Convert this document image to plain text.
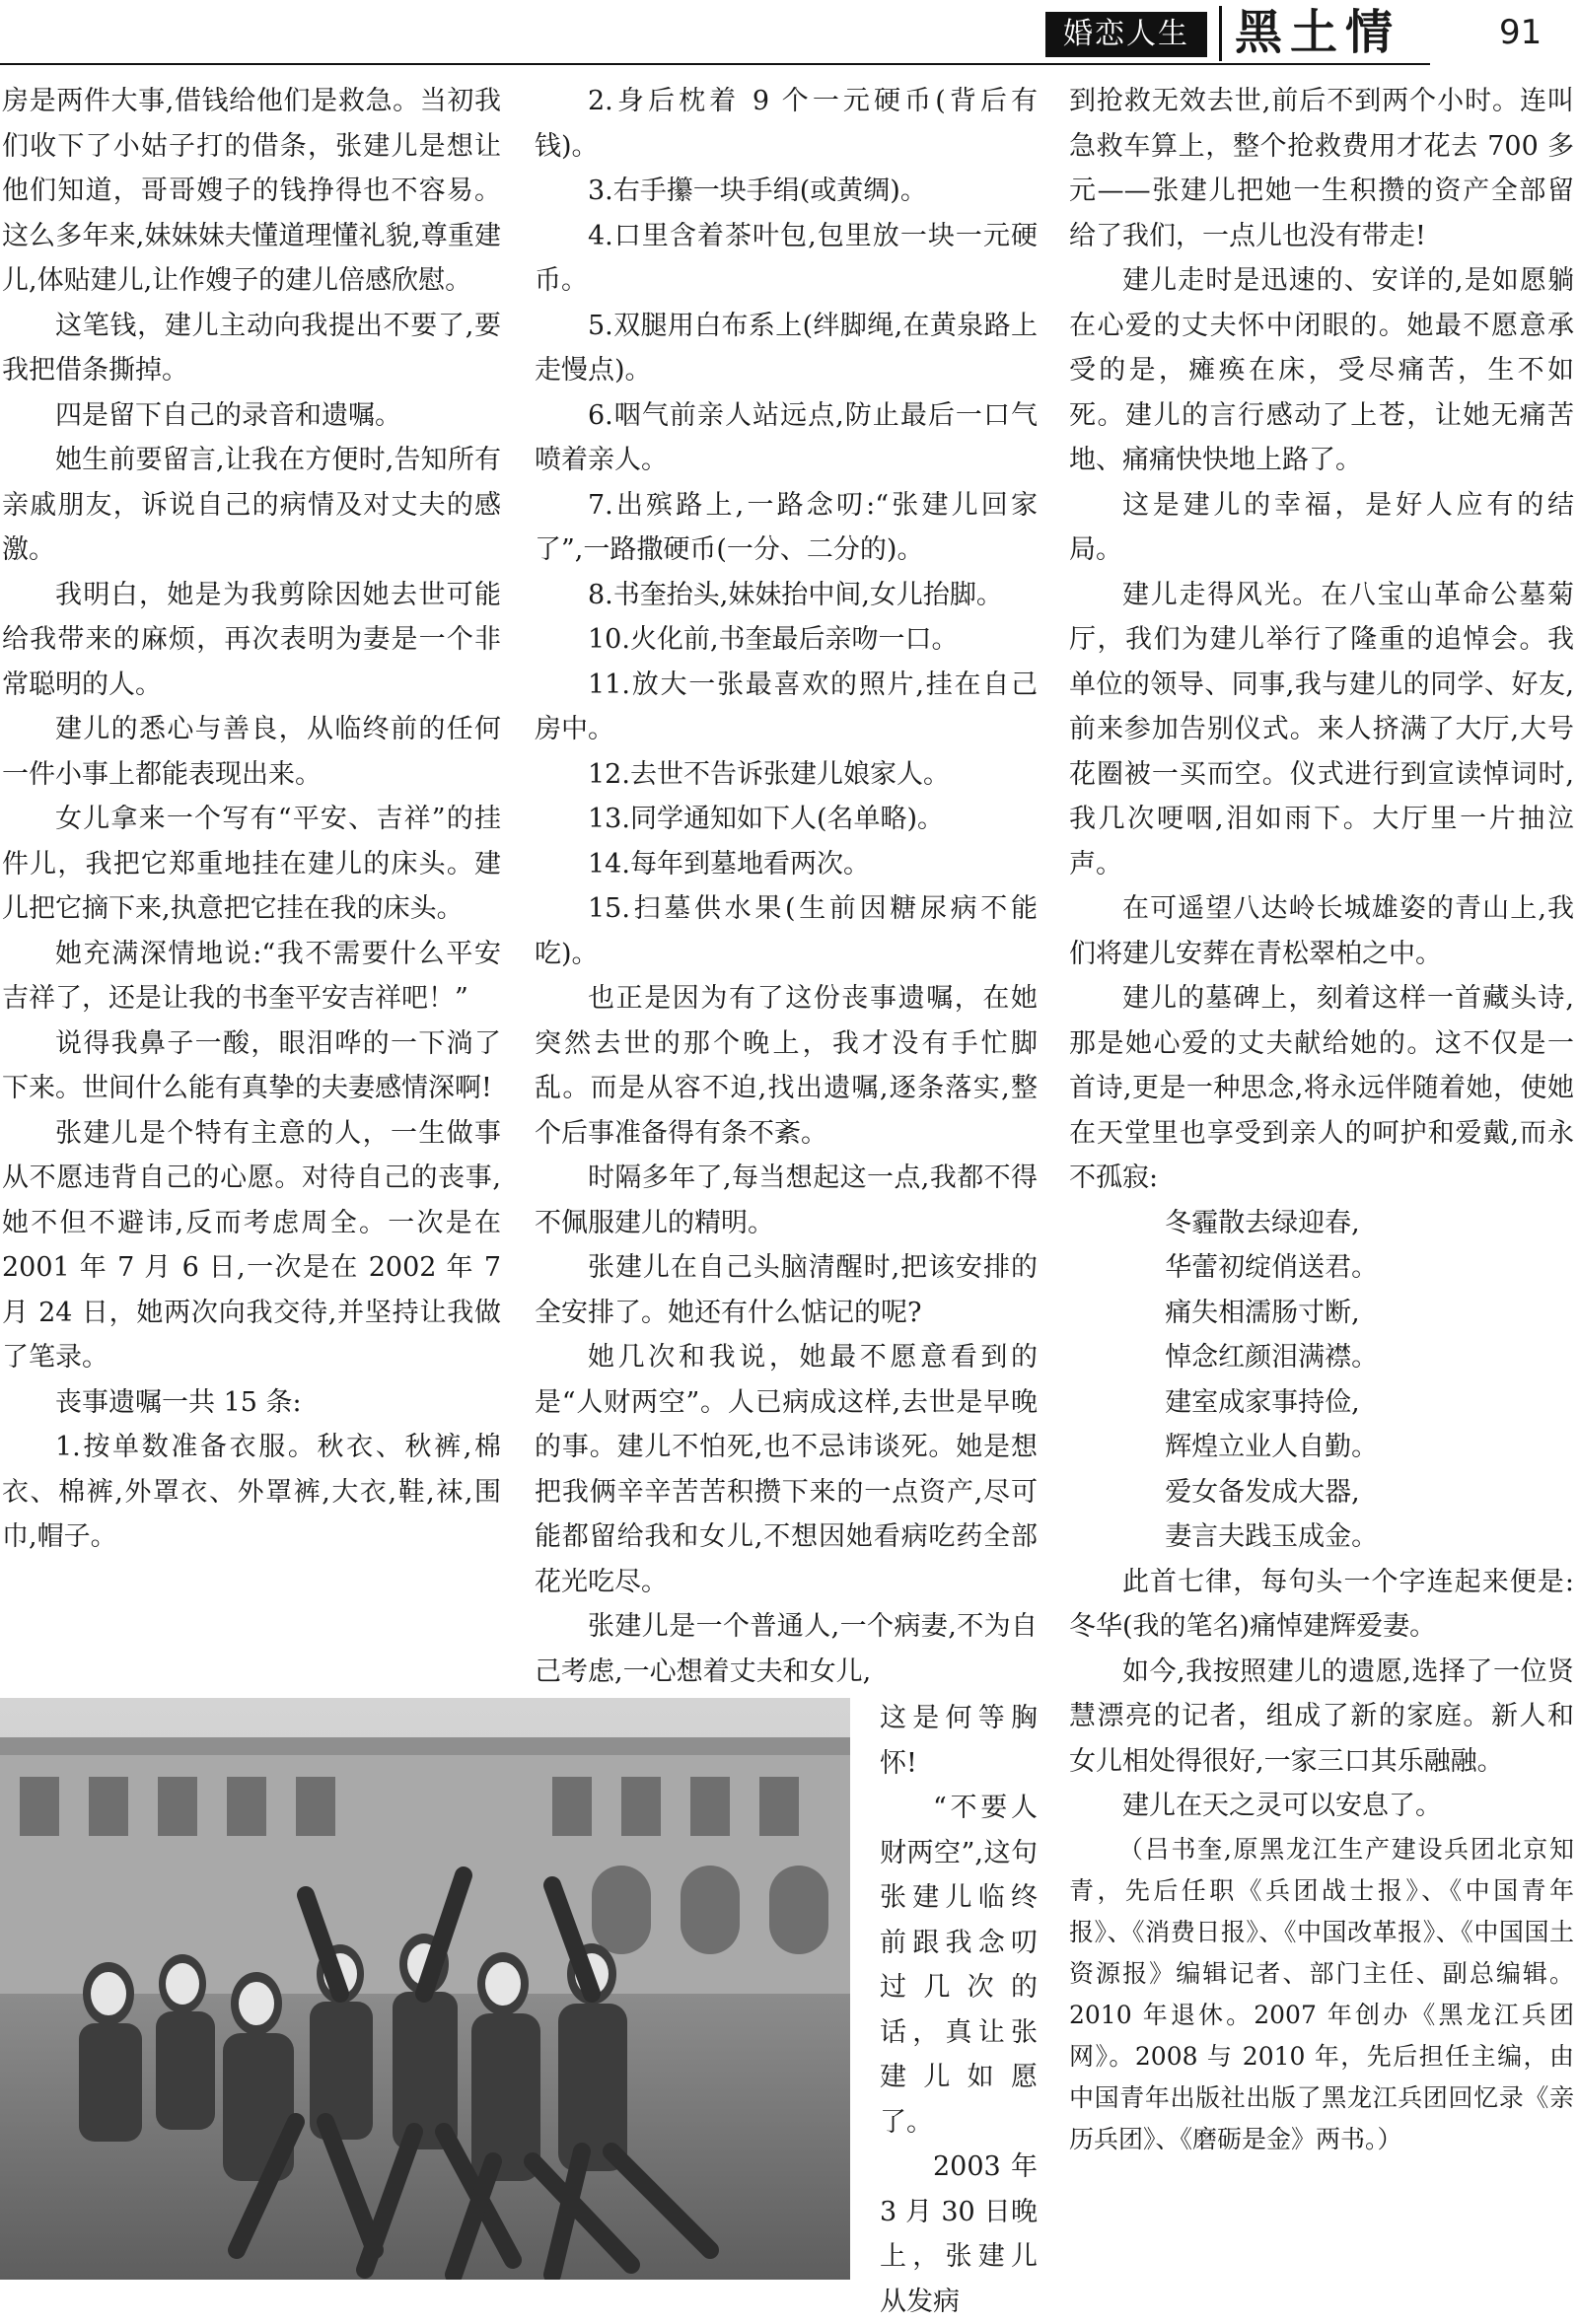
婚恋人生 黑土情	91

房是两件大事,借钱给他们是救急。当初我们收下了小姑子打的借条，张建儿是想让他们知道，哥哥嫂子的钱挣得也不容易。这么多年来,妹妹妹夫懂道理懂礼貌,尊重建儿,体贴建儿,让作嫂子的建儿倍感欣慰。

这笔钱，建儿主动向我提出不要了,要我把借条撕掉。

四是留下自己的录音和遗嘱。

她生前要留言,让我在方便时,告知所有亲戚朋友，诉说自己的病情及对丈夫的感激。

我明白，她是为我剪除因她去世可能给我带来的麻烦，再次表明为妻是一个非常聪明的人。

建儿的悉心与善良，从临终前的任何一件小事上都能表现出来。

女儿拿来一个写有“平安、吉祥”的挂件儿，我把它郑重地挂在建儿的床头。建儿把它摘下来,执意把它挂在我的床头。

她充满深情地说:“我不需要什么平安吉祥了，还是让我的书奎平安吉祥吧！”

说得我鼻子一酸，眼泪哗的一下淌了下来。世间什么能有真挚的夫妻感情深啊!

张建儿是个特有主意的人，一生做事从不愿违背自己的心愿。对待自己的丧事,她不但不避讳,反而考虑周全。一次是在 2001 年 7 月 6 日,一次是在 2002 年 7 月 24 日，她两次向我交待,并坚持让我做了笔录。

丧事遗嘱一共 15 条:

1.按单数准备衣服。秋衣、秋裤,棉衣、棉裤,外罩衣、外罩裤,大衣,鞋,袜,围巾,帽子。

2.身后枕着 9 个一元硬币(背后有钱)。

3.右手攥一块手绢(或黄绸)。

4.口里含着茶叶包,包里放一块一元硬币。

5.双腿用白布系上(绊脚绳,在黄泉路上走慢点)。

6.咽气前亲人站远点,防止最后一口气喷着亲人。

7.出殡路上,一路念叨:“张建儿回家了”,一路撒硬币(一分、二分的)。

8.书奎抬头,妹妹抬中间,女儿抬脚。

10.火化前,书奎最后亲吻一口。

11.放大一张最喜欢的照片,挂在自己房中。

12.去世不告诉张建儿娘家人。

13.同学通知如下人(名单略)。

14.每年到墓地看两次。

15.扫墓供水果(生前因糖尿病不能吃)。

也正是因为有了这份丧事遗嘱，在她突然去世的那个晚上，我才没有手忙脚乱。而是从容不迫,找出遗嘱,逐条落实,整个后事准备得有条不紊。

时隔多年了,每当想起这一点,我都不得不佩服建儿的精明。

张建儿在自己头脑清醒时,把该安排的全安排了。她还有什么惦记的呢?

她几次和我说，她最不愿意看到的是“人财两空”。人已病成这样,去世是早晚的事。建儿不怕死,也不忌讳谈死。她是想把我俩辛辛苦苦积攒下来的一点资产,尽可能都留给我和女儿,不想因她看病吃药全部花光吃尽。

张建儿是一个普通人,一个病妻,不为自己考虑,一心想着丈夫和女儿,

这是何等胸怀!

“不要人财两空”,这句张建儿临终前跟我念叨过几次的话，真让张建儿如愿了。

2003 年 3 月 30 日晚上，张建儿从发病

到抢救无效去世,前后不到两个小时。连叫急救车算上，整个抢救费用才花去 700 多元——张建儿把她一生积攒的资产全部留给了我们，一点儿也没有带走!

建儿走时是迅速的、安详的,是如愿躺在心爱的丈夫怀中闭眼的。她最不愿意承受的是，瘫痪在床，受尽痛苦，生不如死。建儿的言行感动了上苍，让她无痛苦地、痛痛快快地上路了。

这是建儿的幸福，是好人应有的结局。

建儿走得风光。在八宝山革命公墓菊厅，我们为建儿举行了隆重的追悼会。我单位的领导、同事,我与建儿的同学、好友,前来参加告别仪式。来人挤满了大厅,大号花圈被一买而空。仪式进行到宣读悼词时,我几次哽咽,泪如雨下。大厅里一片抽泣声。

在可遥望八达岭长城雄姿的青山上,我们将建儿安葬在青松翠柏之中。

建儿的墓碑上，刻着这样一首藏头诗,那是她心爱的丈夫献给她的。这不仅是一首诗,更是一种思念,将永远伴随着她，使她在天堂里也享受到亲人的呵护和爱戴,而永不孤寂:

冬霾散去绿迎春,

华蕾初绽俏送君。

痛失相濡肠寸断,

悼念红颜泪满襟。

建室成家事持俭,

辉煌立业人自勤。

爱女备发成大器,

妻言夫践玉成金。

此首七律，每句头一个字连起来便是:冬华(我的笔名)痛悼建辉爱妻。

如今,我按照建儿的遗愿,选择了一位贤慧漂亮的记者，组成了新的家庭。新人和女儿相处得很好,一家三口其乐融融。

建儿在天之灵可以安息了。

（吕书奎,原黑龙江生产建设兵团北京知青，先后任职《兵团战士报》、《中国青年报》、《消费日报》、《中国改革报》、《中国国土资源报》编辑记者、部门主任、副总编辑。2010 年退休。2007 年创办《黑龙江兵团网》。2008 与 2010 年，先后担任主编，由中国青年出版社出版了黑龙江兵团回忆录《亲历兵团》、《磨砺是金》两书。）
